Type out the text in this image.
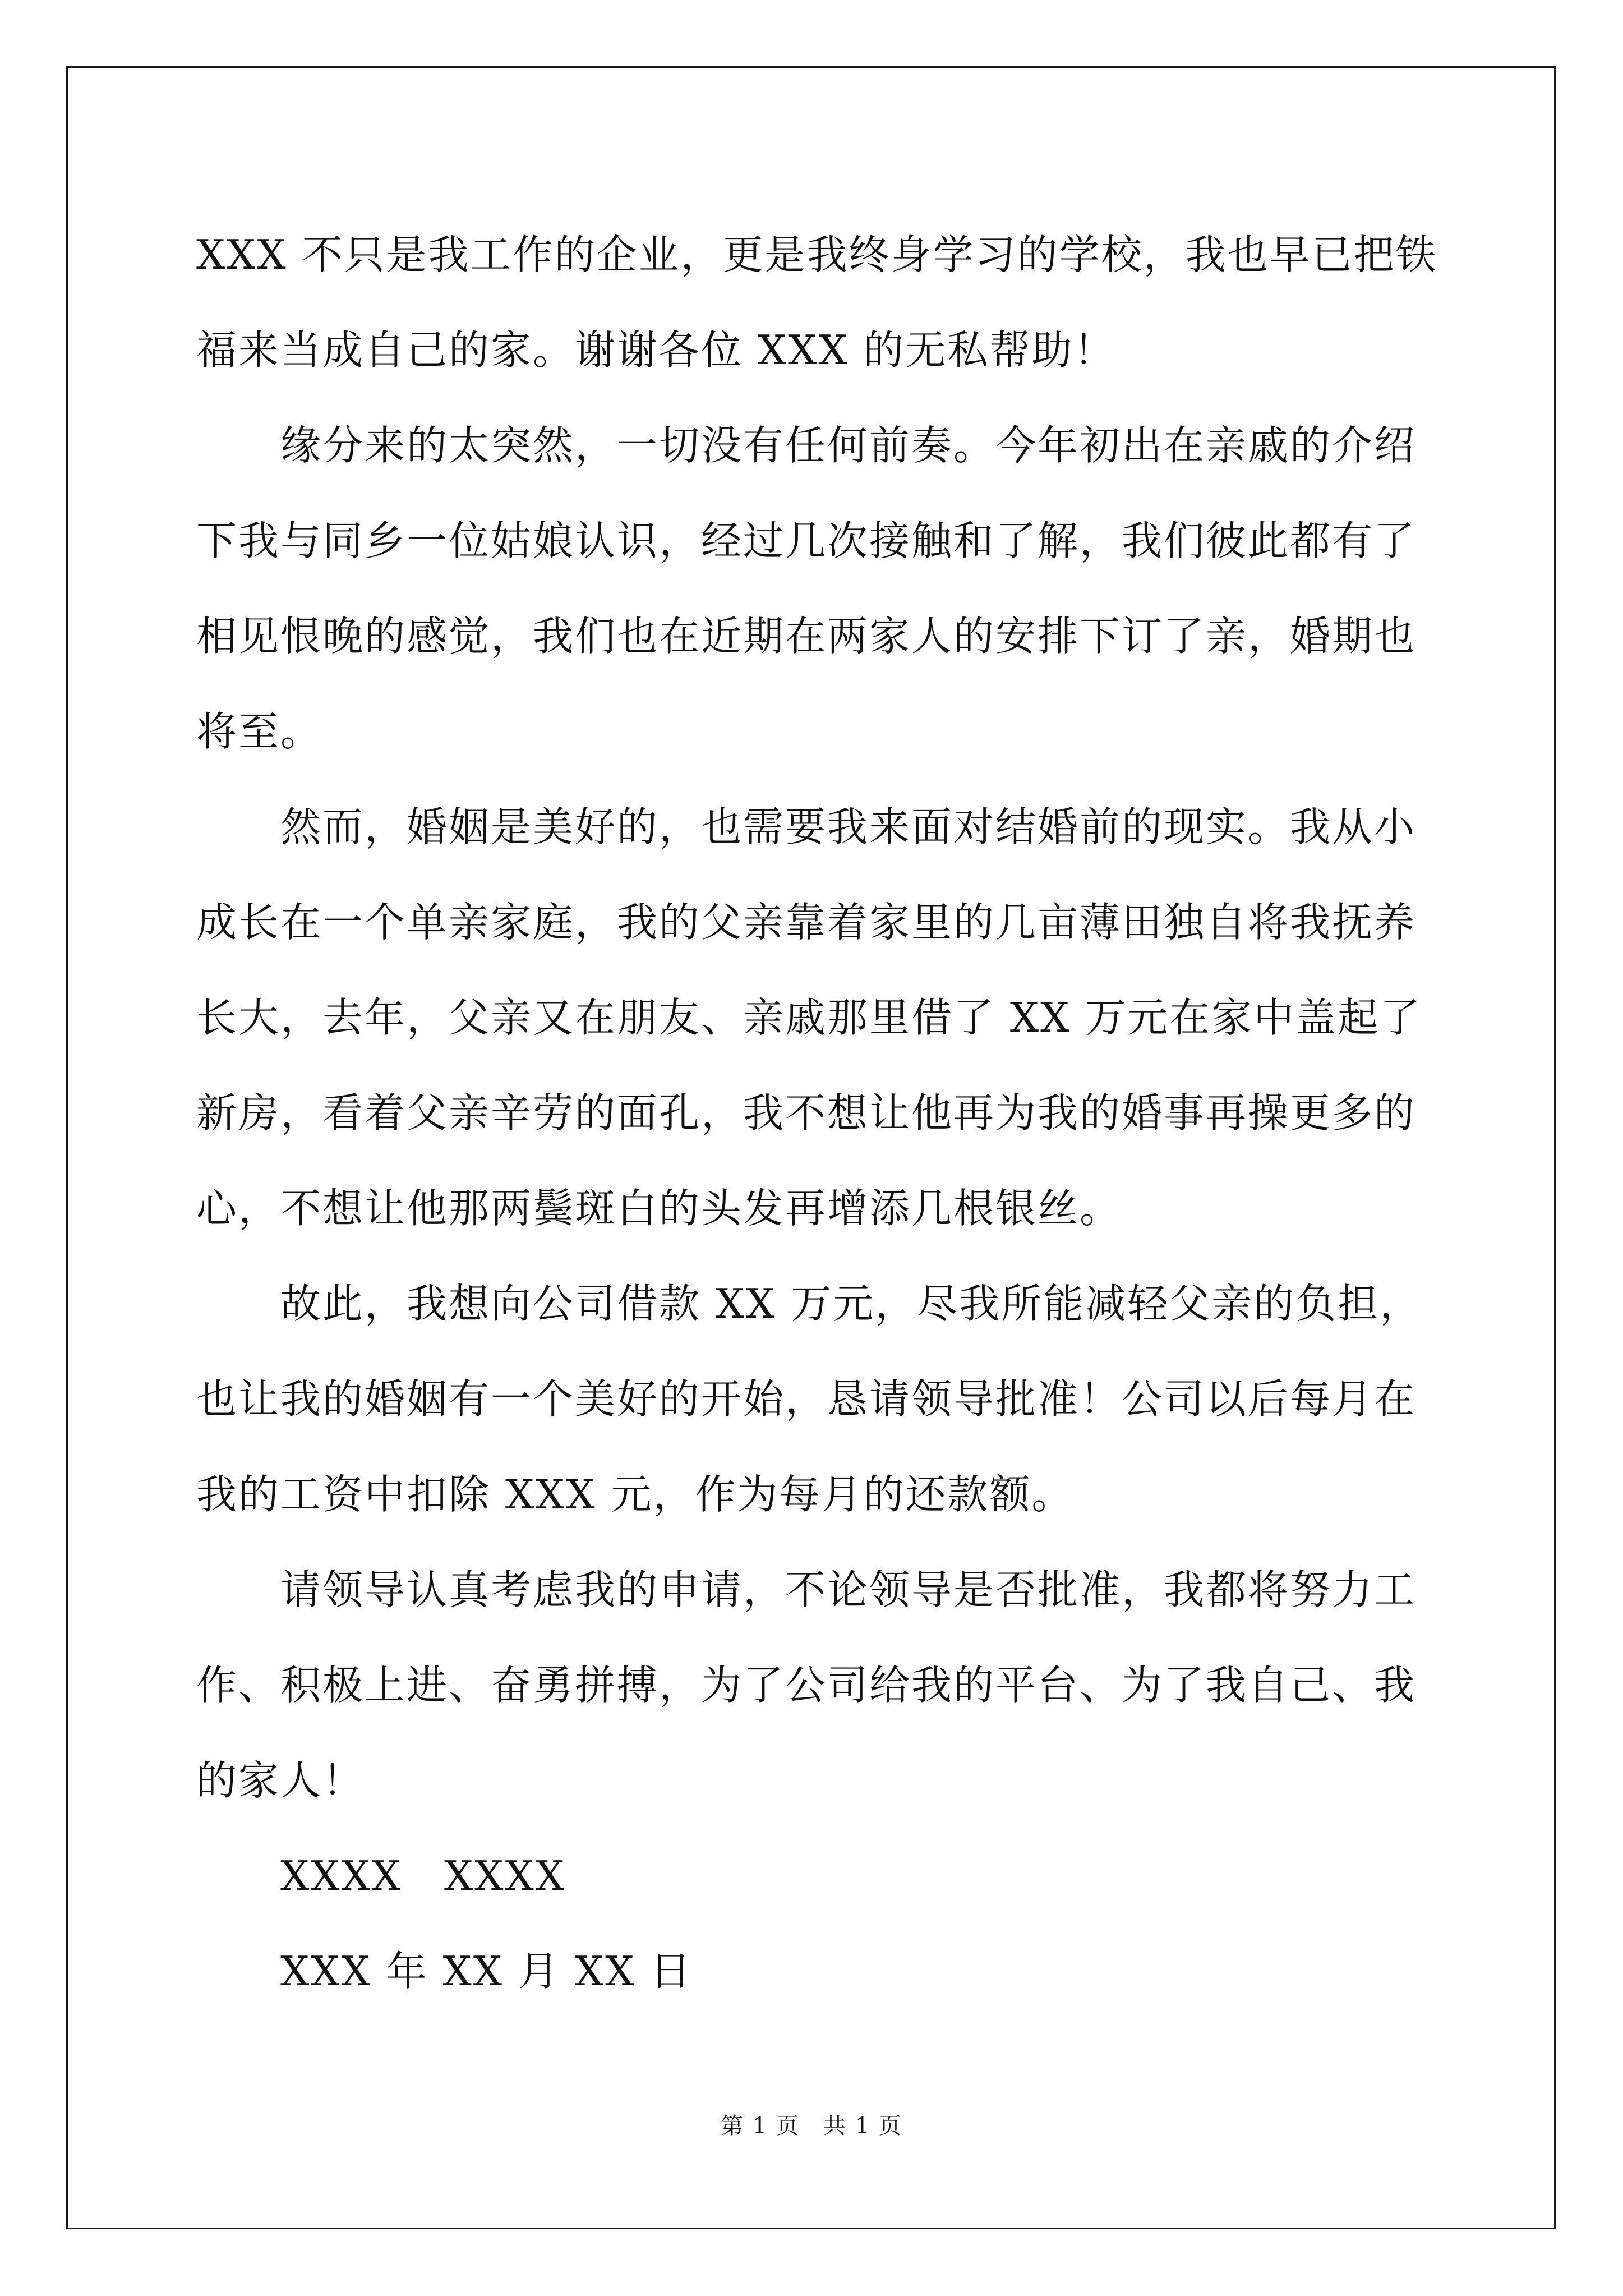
XXX 不只是我工作的企业，更是我终身学习的学校，我也早已把铁福来当成自己的家。谢谢各位 XXX 的无私帮助！

缘分来的太突然，一切没有任何前奏。今年初出在亲戚的介绍下我与同乡一位姑娘认识，经过几次接触和了解，我们彼此都有了相见恨晚的感觉，我们也在近期在两家人的安排下订了亲，婚期也将至。

然而，婚姻是美好的，也需要我来面对结婚前的现实。我从小成长在一个单亲家庭，我的父亲靠着家里的几亩薄田独自将我抚养长大，去年，父亲又在朋友、亲戚那里借了 XX 万元在家中盖起了新房，看着父亲辛劳的面孔，我不想让他再为我的婚事再操更多的心，不想让他那两鬓斑白的头发再增添几根银丝。

故此，我想向公司借款 XX 万元，尽我所能减轻父亲的负担，也让我的婚姻有一个美好的开始，恳请领导批准！公司以后每月在我的工资中扣除 XXX 元，作为每月的还款额。

请领导认真考虑我的申请，不论领导是否批准，我都将努力工作、积极上进、奋勇拼搏，为了公司给我的平台、为了我自己、我的家人！

XXXX　XXXX

XXX 年 XX 月 XX 日

第 1 页　共 1 页
